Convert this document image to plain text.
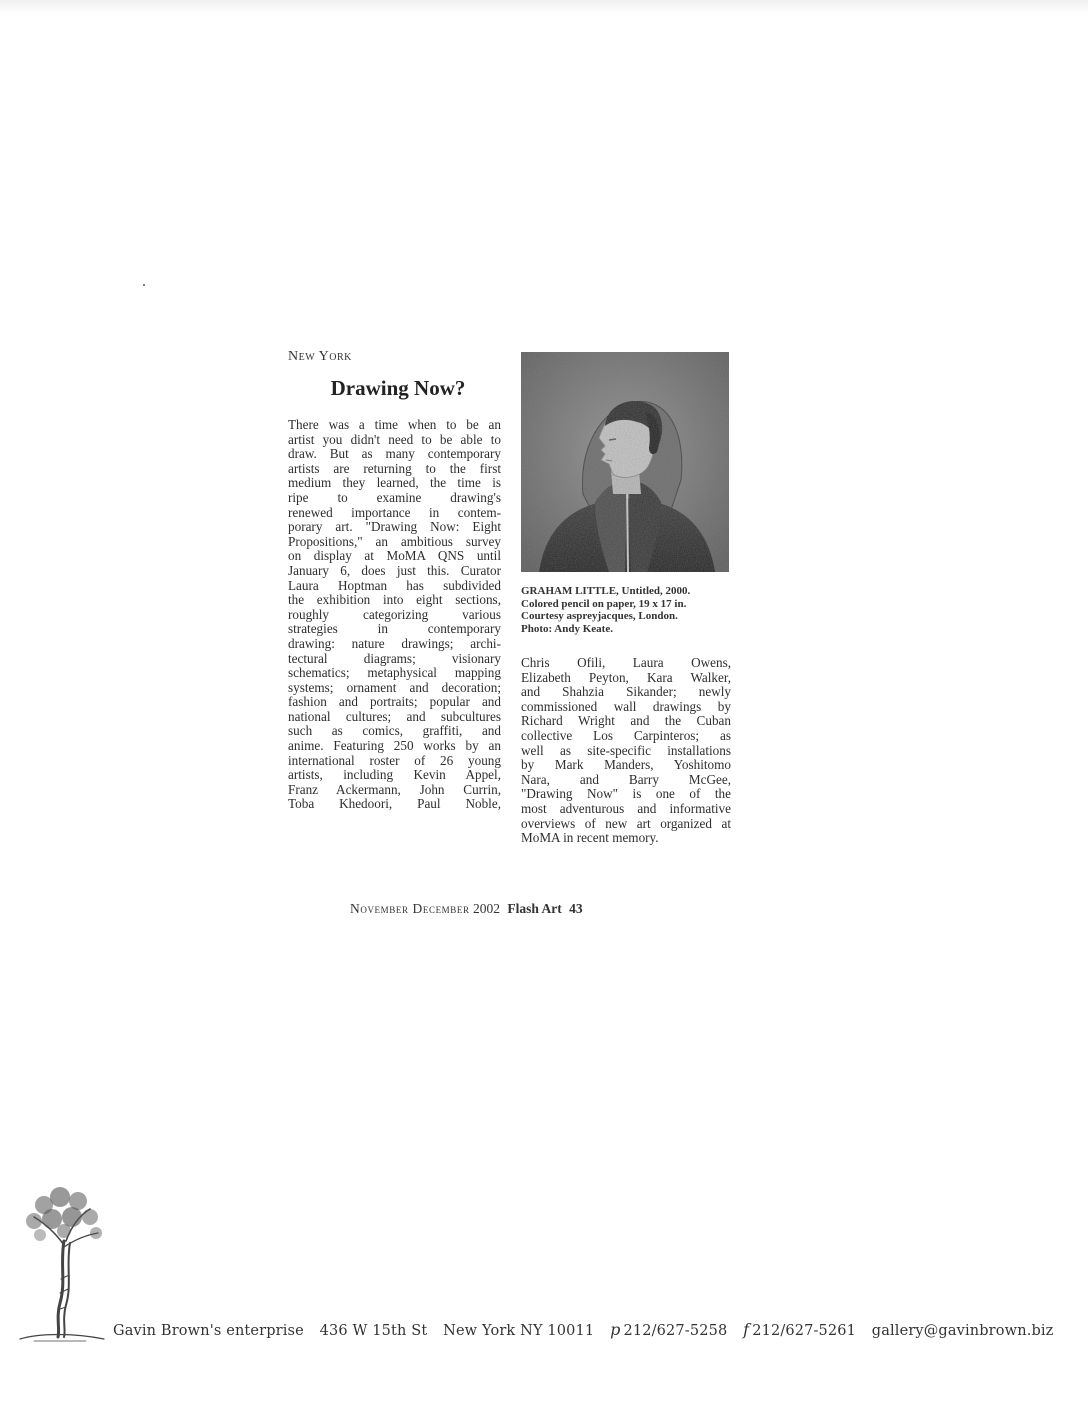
New York
Drawing Now?
There was a time when to be an
artist you didn't need to be able to
draw. But as many contemporary
artists are returning to the first
medium they learned, the time is
ripe to examine drawing's
renewed importance in contem-
porary art. "Drawing Now: Eight
Propositions," an ambitious survey
on display at MoMA QNS until
January 6, does just this. Curator
Laura Hoptman has subdivided
the exhibition into eight sections,
roughly categorizing various
strategies in contemporary
drawing: nature drawings; archi-
tectural diagrams; visionary
schematics; metaphysical mapping
systems; ornament and decoration;
fashion and portraits; popular and
national cultures; and subcultures
such as comics, graffiti, and
anime. Featuring 250 works by an
international roster of 26 young
artists, including Kevin Appel,
Franz Ackermann, John Currin,
Toba Khedoori, Paul Noble,
GRAHAM LITTLE, Untitled, 2000.
Colored pencil on paper, 19 x 17 in.
Courtesy aspreyjacques, London.
Photo: Andy Keate.
Chris Ofili, Laura Owens,
Elizabeth Peyton, Kara Walker,
and Shahzia Sikander; newly
commissioned wall drawings by
Richard Wright and the Cuban
collective Los Carpinteros; as
well as site-specific installations
by Mark Manders, Yoshitomo
Nara, and Barry McGee,
"Drawing Now" is one of the
most adventurous and informative
overviews of new art organized at
MoMA in recent memory.
November December 2002 Flash Art 43
Gavin Brown's enterprise 436 W 15th St New York NY 10011 p 212/627-5258 f 212/627-5261 gallery@gavinbrown.biz
